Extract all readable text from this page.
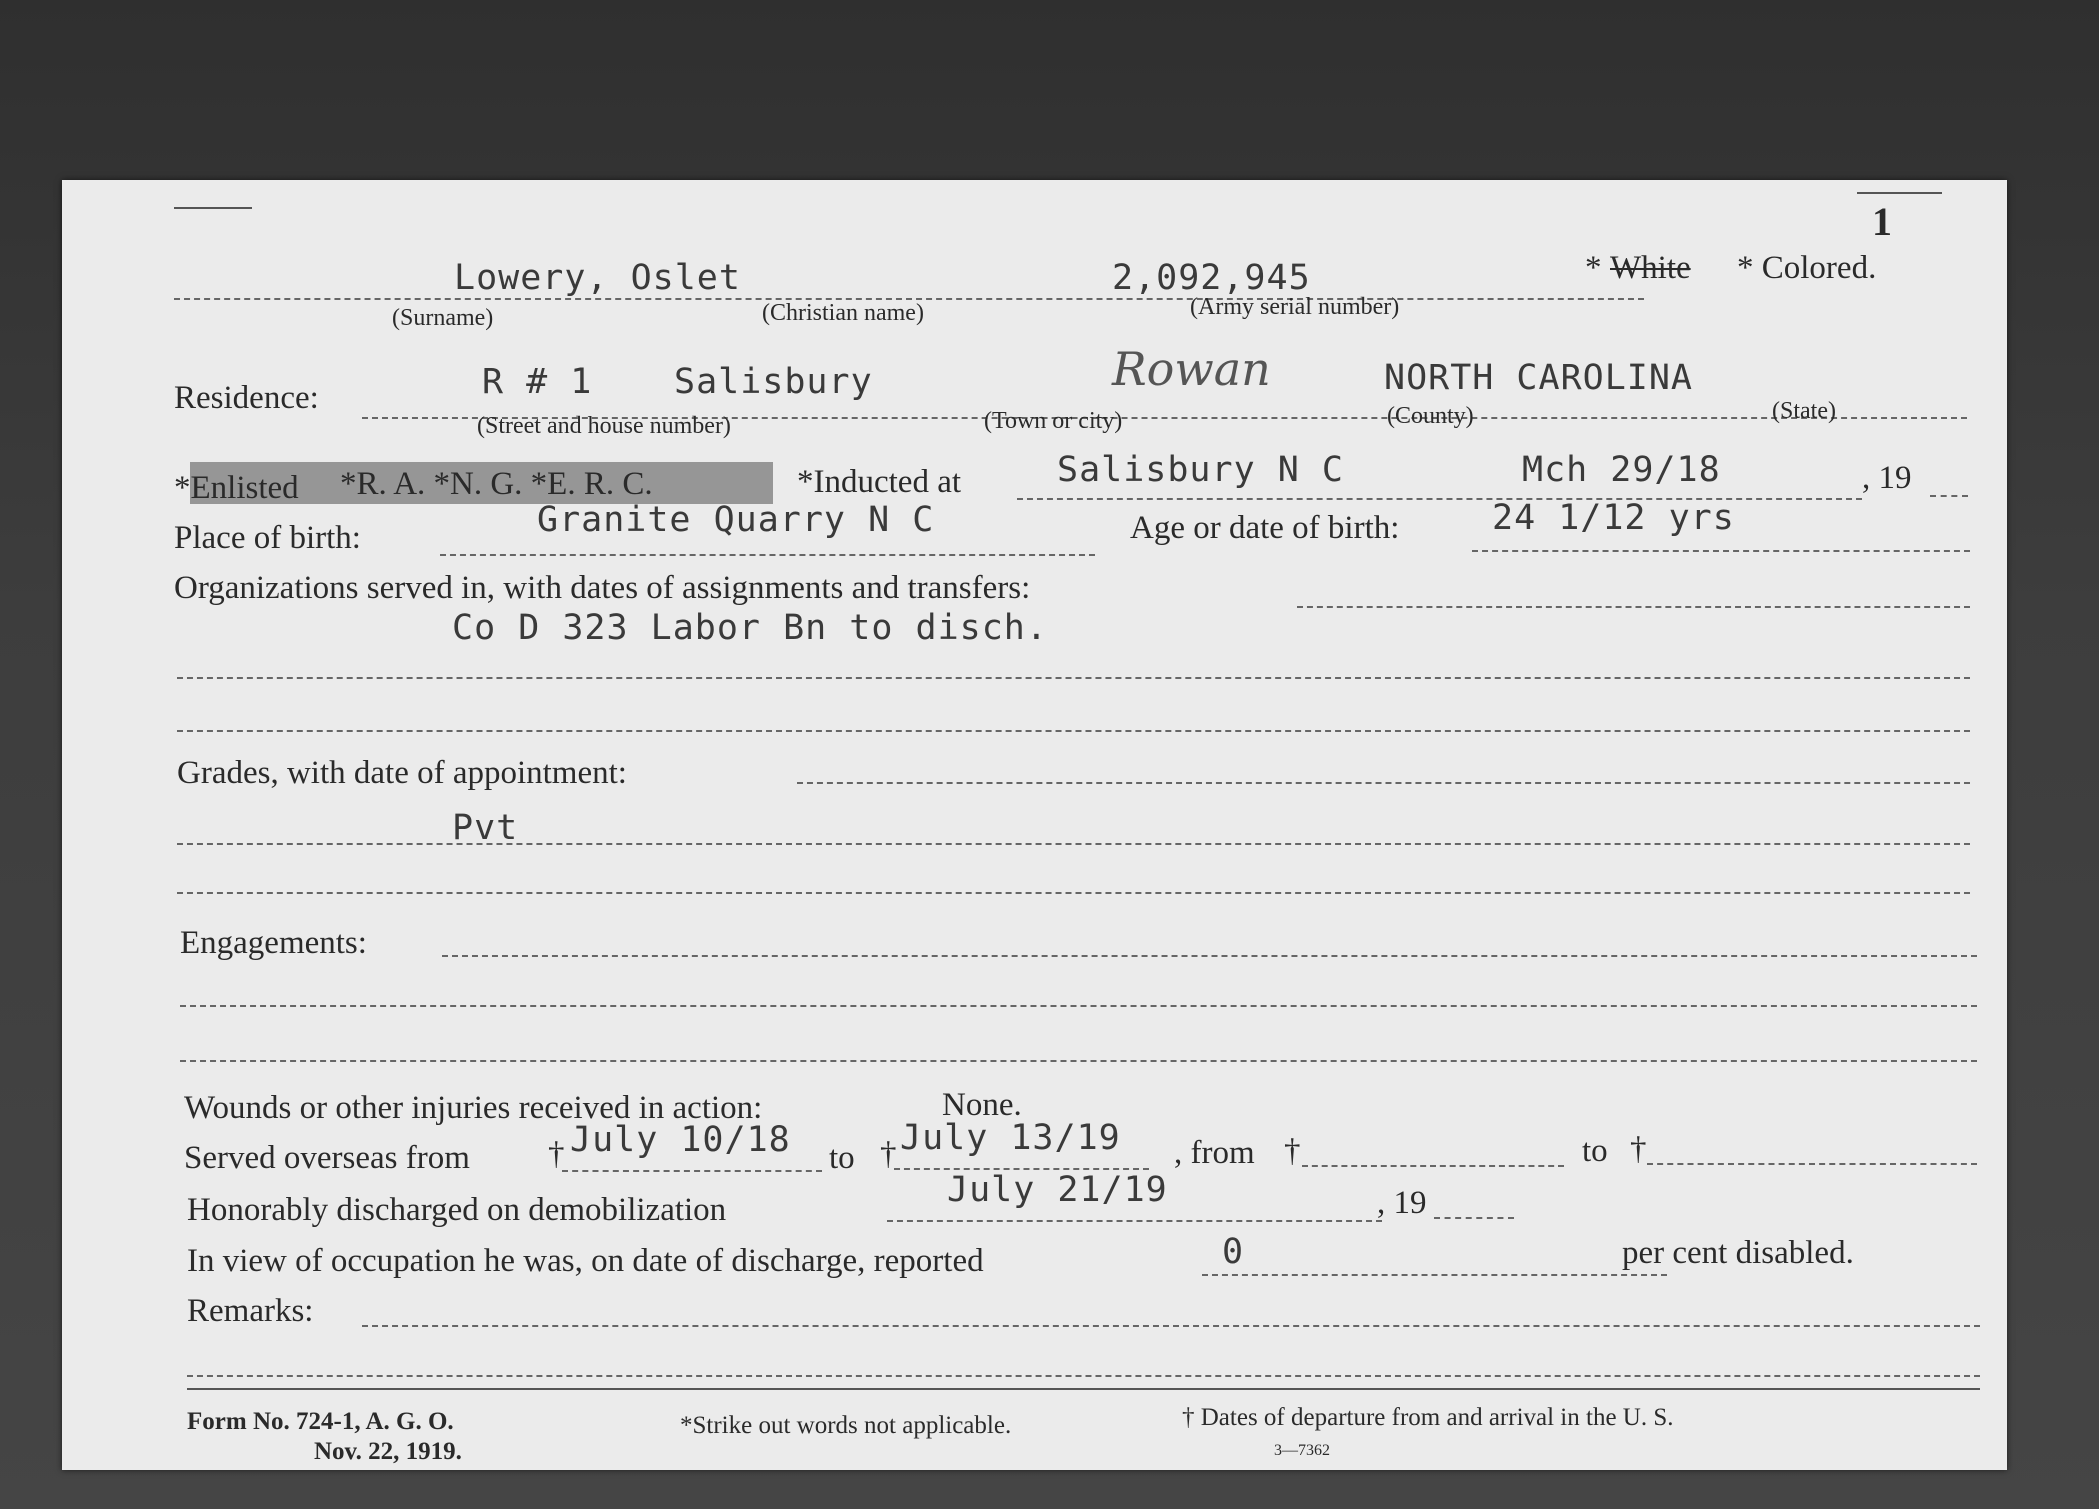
1
Lowery, Oslet	2,092,945	* White * Colored.
(Surname)	(Christian name)	(Army serial number)
Residence:	R # 1 Salisbury	Rowan	NORTH CAROLINA
(Street and house number)	(Town or city)	(County)	(State)
*Enlisted *R. A. *N. G. *E. R. C.	*Inducted at	Salisbury N C	Mch 29/18	, 19
Place of birth:	Granite Quarry N C	Age or date of birth:	24 1/12 yrs
Organizations served in, with dates of assignments and transfers:
Co D 323 Labor Bn to disch.
Grades, with date of appointment:
Pvt
Engagements:
Wounds or other injuries received in action:	None.
Served overseas from † July 10/18 to † July 13/19 , from †	to †
Honorably discharged on demobilization	July 21/19	, 19
In view of occupation he was, on date of discharge, reported	0	per cent disabled.
Remarks:
Form No. 724-1, A. G. O.
Nov. 22, 1919.
*Strike out words not applicable.	† Dates of departure from and arrival in the U. S.
3—7362
